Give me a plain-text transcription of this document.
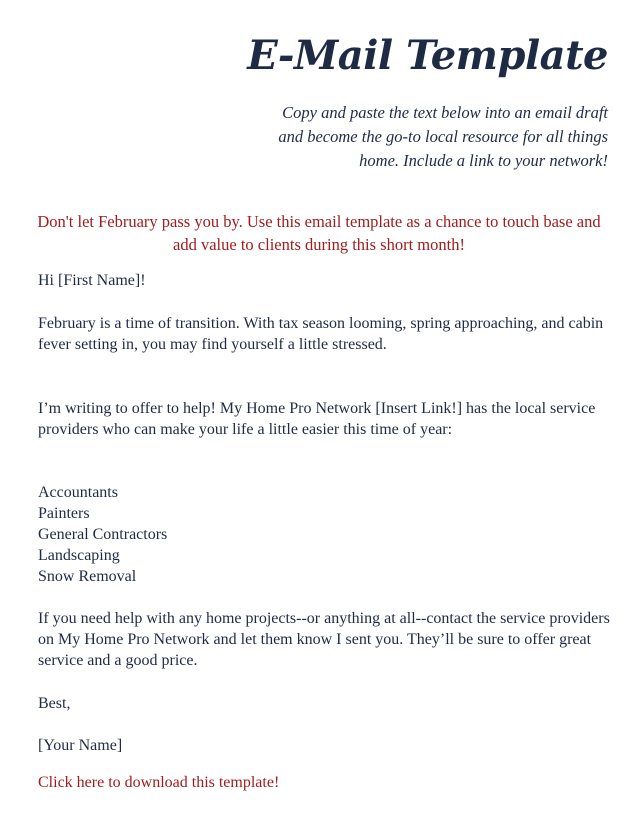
E-Mail Template
Copy and paste the text below into an email draft and become the go-to local resource for all things home. Include a link to your network!
Don't let February pass you by. Use this email template as a chance to touch base and add value to clients during this short month!
Hi [First Name]!
February is a time of transition. With tax season looming, spring approaching, and cabin fever setting in, you may find yourself a little stressed.
I’m writing to offer to help! My Home Pro Network [Insert Link!] has the local service providers who can make your life a little easier this time of year:
Accountants
Painters
General Contractors
Landscaping
Snow Removal
If you need help with any home projects--or anything at all--contact the service providers on My Home Pro Network and let them know I sent you. They’ll be sure to offer great service and a good price.
Best,
[Your Name]
Click here to download this template!
